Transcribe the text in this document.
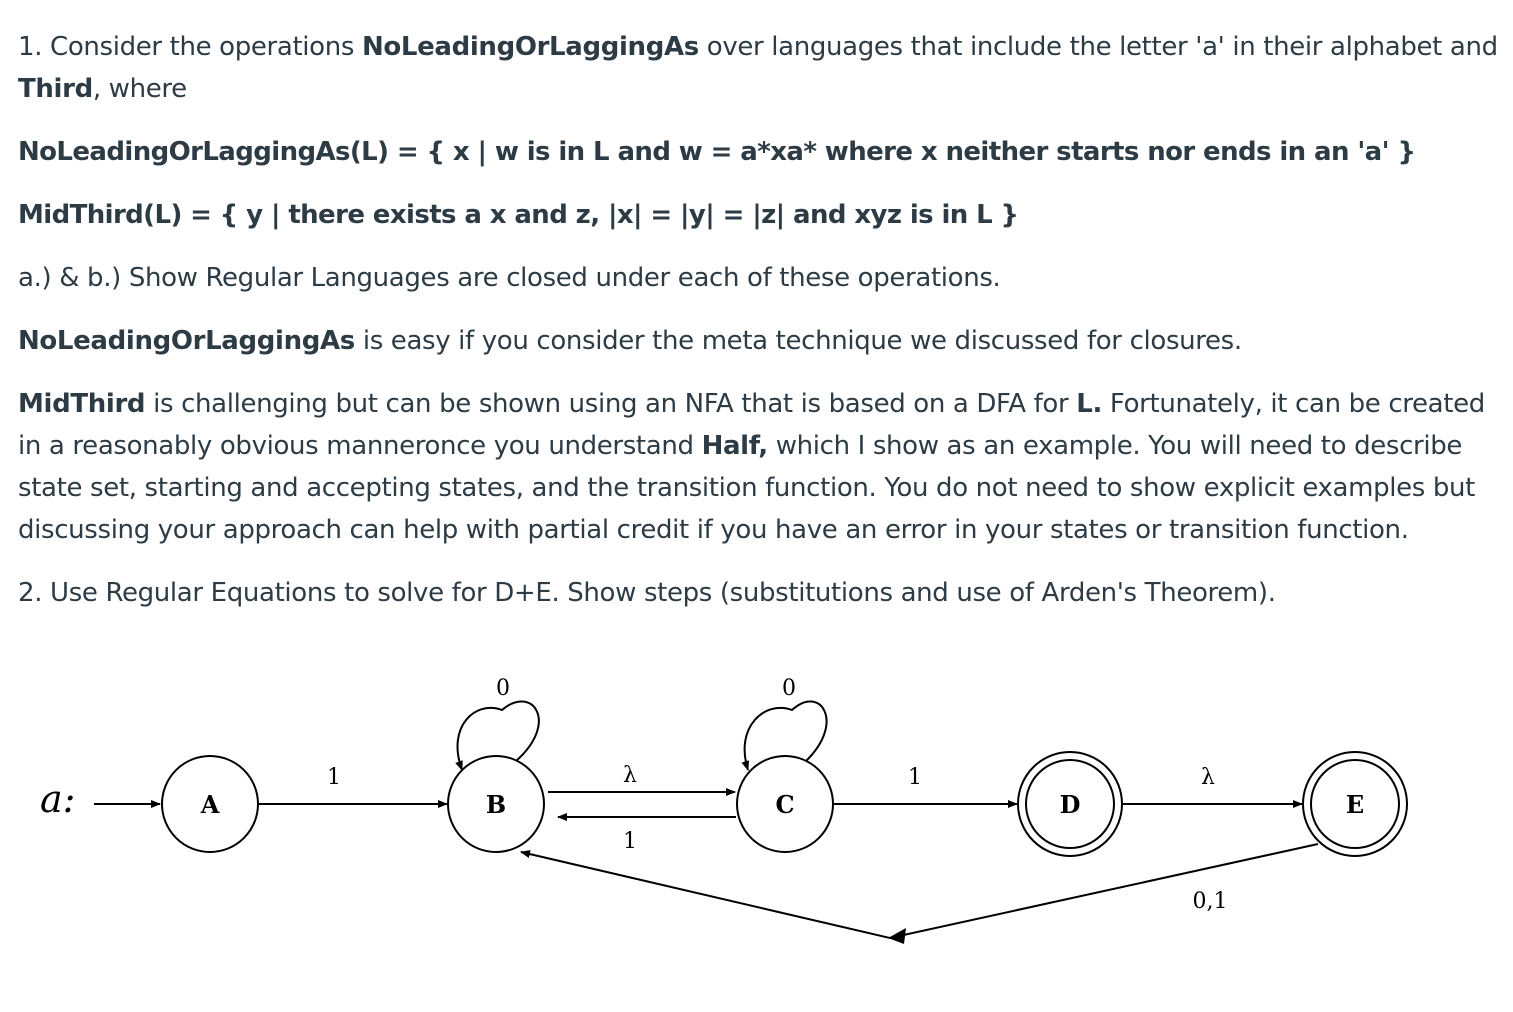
1. Consider the operations NoLeadingOrLaggingAs over languages that include the letter 'a' in their alphabet and Third, where

NoLeadingOrLaggingAs(L) = { x | w is in L and w = a*xa* where x neither starts nor ends in an 'a' }

MidThird(L) = { y | there exists a x and z, |x| = |y| = |z| and xyz is in L }

a.) & b.) Show Regular Languages are closed under each of these operations.

NoLeadingOrLaggingAs is easy if you consider the meta technique we discussed for closures.

MidThird is challenging but can be shown using an NFA that is based on a DFA for L. Fortunately, it can be created in a reasonably obvious manneronce you understand Half, which I show as an example. You will need to describe state set, starting and accepting states, and the transition function. You do not need to show explicit examples but discussing your approach can help with partial credit if you have an error in your states or transition function.

2. Use Regular Equations to solve for D+E. Show steps (substitutions and use of Arden's Theorem).

a:	A	B	C	D	E
1
0
λ
1
0
1	λ
0,1
